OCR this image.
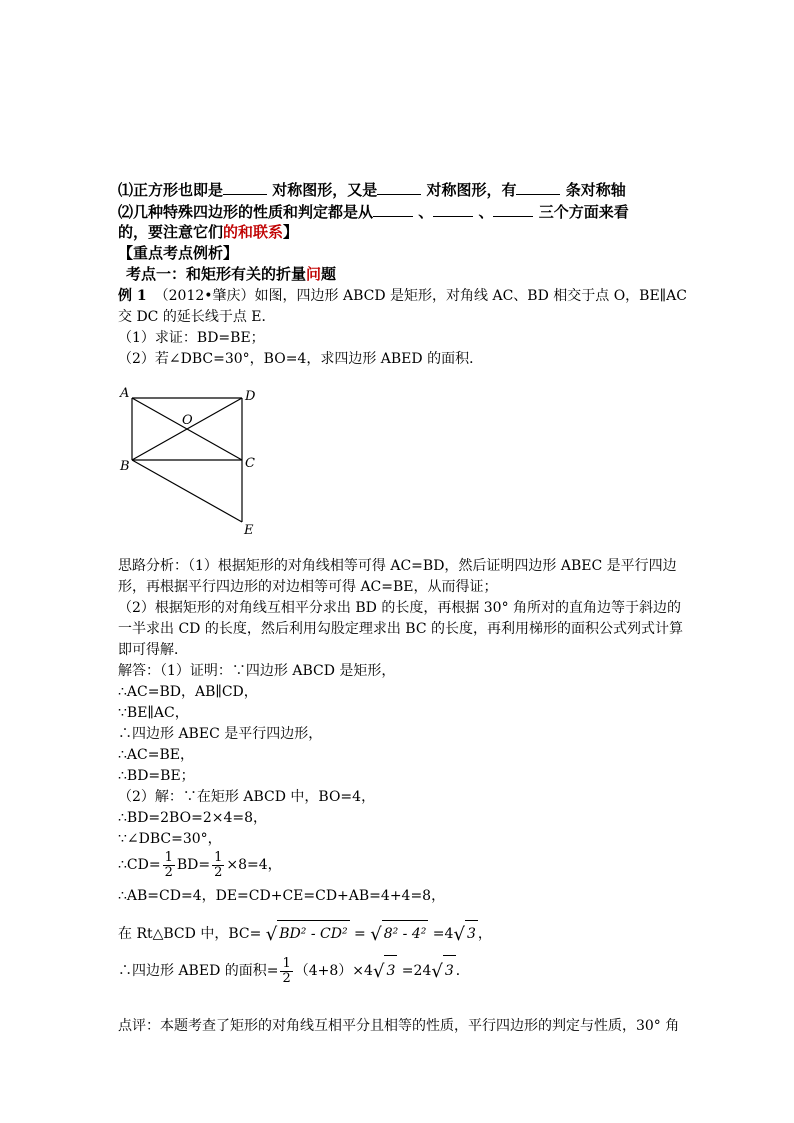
⑴正方形也即是	对称图形，又是	对称图形，有	条对称轴
⑵几种特殊四边形的性质和判定都是从	、	、	三个方面来看
的，要注意它们的和联系】
【重点考点例析】
考点一：和矩形有关的折量问题
例 1 （2012•肇庆）如图，四边形 ABCD 是矩形，对角线 AC、BD 相交于点 O，BE∥AC
交 DC 的延长线于点 E．
（1）求证：BD=BE；
（2）若∠DBC=30°，BO=4，求四边形 ABED 的面积．
A	D
O
B	C
E
思路分析：（1）根据矩形的对角线相等可得 AC=BD，然后证明四边形 ABEC 是平行四边
形，再根据平行四边形的对边相等可得 AC=BE，从而得证；
（2）根据矩形的对角线互相平分求出 BD 的长度，再根据 30° 角所对的直角边等于斜边的
一半求出 CD 的长度，然后利用勾股定理求出 BC 的长度，再利用梯形的面积公式列式计算
即可得解．
解答：（1）证明：∵四边形 ABCD 是矩形，
∴AC=BD，AB∥CD，
∵BE∥AC，
∴四边形 ABEC 是平行四边形，
∴AC=BE，
∴BD=BE；
（2）解：∵在矩形 ABCD 中，BO=4，
∴BD=2BO=2×4=8，
∵∠DBC=30°，
∴CD= $\frac{1}{2} BD= \frac{1}{2} \times 8=4$，
∴AB=CD=4，DE=CD+CE=CD+AB=4+4=8，
在 Rt△BCD 中，BC= √ BD² - CD² = √ 8² - 4² =4√ 3 ，
∴四边形 ABED 的面积= $\frac{1}{2} (4+8)\times 4√$ 3 =24√ 3 ．
点评：本题考查了矩形的对角线互相平分且相等的性质，平行四边形的判定与性质，30° 角
